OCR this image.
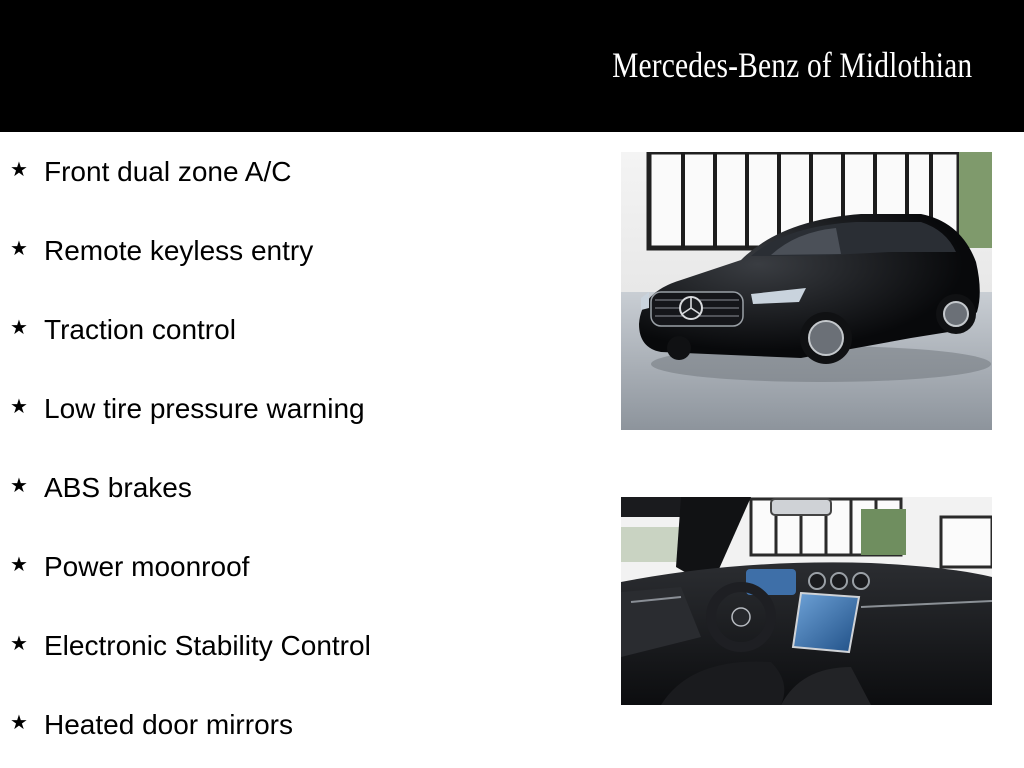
Mercedes-Benz of Midlothian
★ Front dual zone A/C
★ Remote keyless entry
★ Traction control
★ Low tire pressure warning
★ ABS brakes
★ Power moonroof
★ Electronic Stability Control
★ Heated door mirrors
